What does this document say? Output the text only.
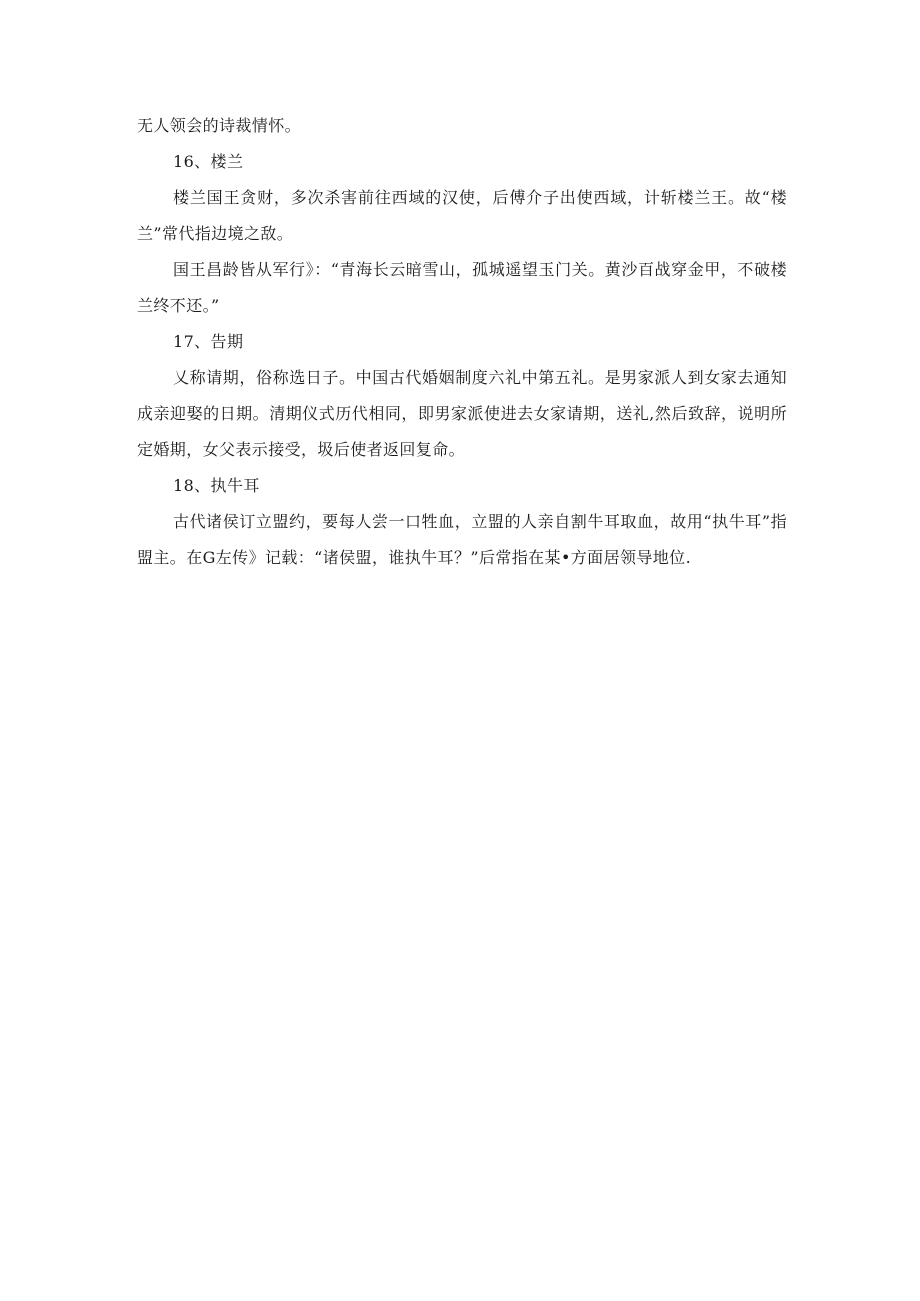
无人领会的诗裁情怀。

16、楼兰

楼兰国王贪财，多次杀害前往西域的汉使，后傅介子出使西域，计斩楼兰王。故“楼兰”常代指边境之敌。

国王昌龄皆从军行》：“青海长云暗雪山，孤城遥望玉门关。黄沙百战穿金甲，不破楼兰终不还。”

17、告期

乂称请期，俗称选日子。中国古代婚姻制度六礼中第五礼。是男家派人到女家去通知成亲迎娶的日期。清期仪式历代相同，即男家派使进去女家请期，送礼,然后致辞，说明所定婚期，女父表示接受，圾后使者返回复命。

18、执牛耳

古代诸侯订立盟约，要每人尝一口牲血，立盟的人亲自割牛耳取血，故用“执牛耳”指盟主。在G左传》记载：“诸侯盟，谁执牛耳？”后常指在某•方面居领导地位.
